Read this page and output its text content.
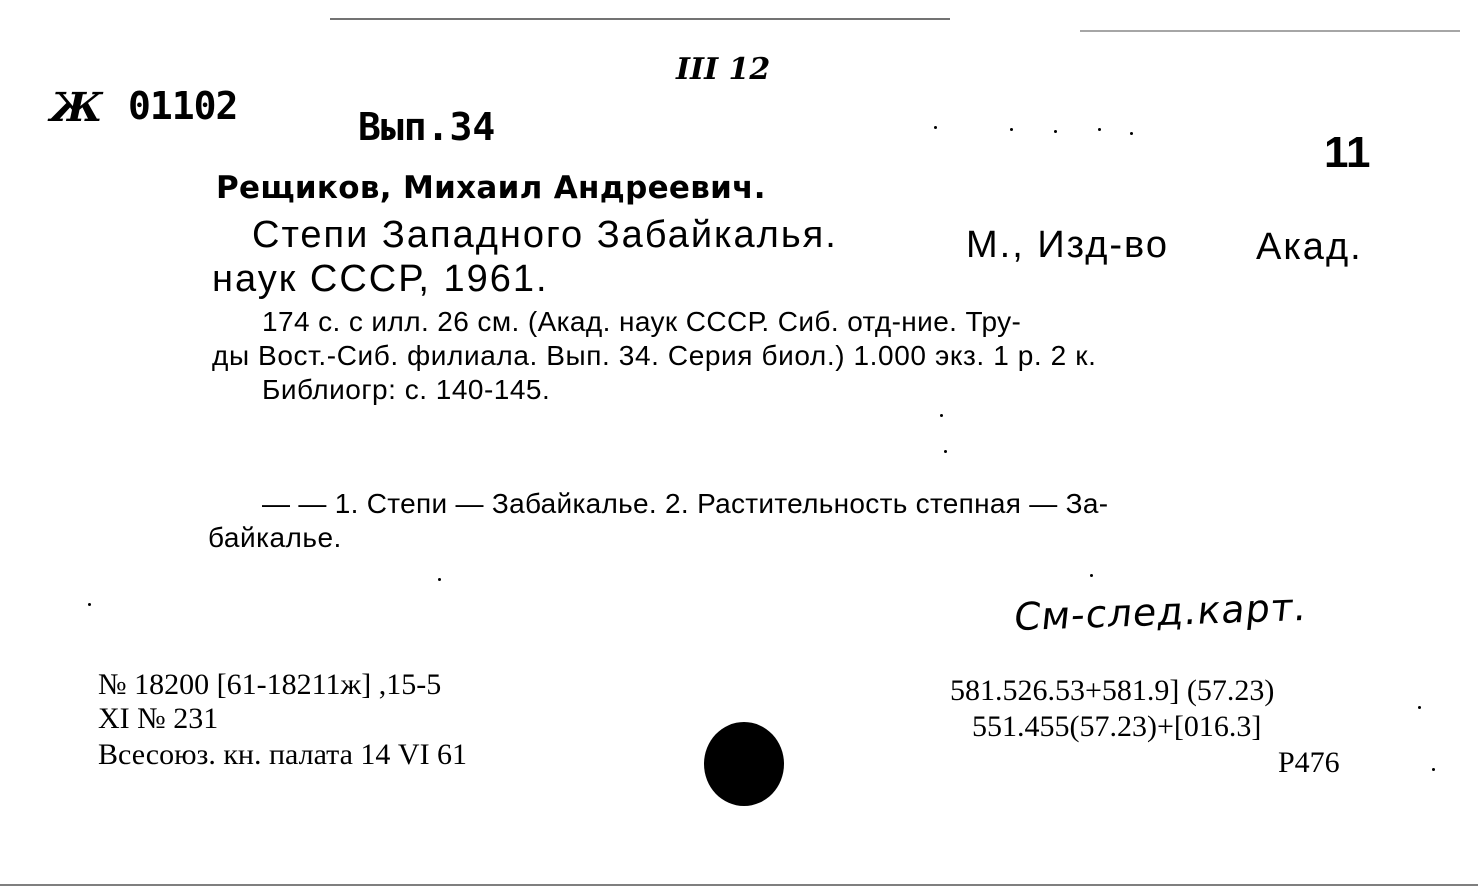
Ж 01102	Вып.34
III 12
11
Рещиков, Михаил Андреевич.
Степи Западного Забайкалья.	М., Изд-во Акад.
наук СССР, 1961.
174 с. с илл. 26 см. (Акад. наук СССР. Сиб. отд-ние. Тру-
ды Вост.-Сиб. филиала. Вып. 34. Серия биол.) 1.000 экз. 1 р. 2 к.
Библиогр: с. 140-145.
— — 1. Степи — Забайкалье. 2. Растительность степная — За-
байкалье.
См-след.карт.
№ 18200 [61-18211ж] ,15-5
XI № 231
Всесоюз. кн. палата 14 VI 61
581.526.53+581.9] (57.23)
551.455(57.23)+[016.3]
Р476
